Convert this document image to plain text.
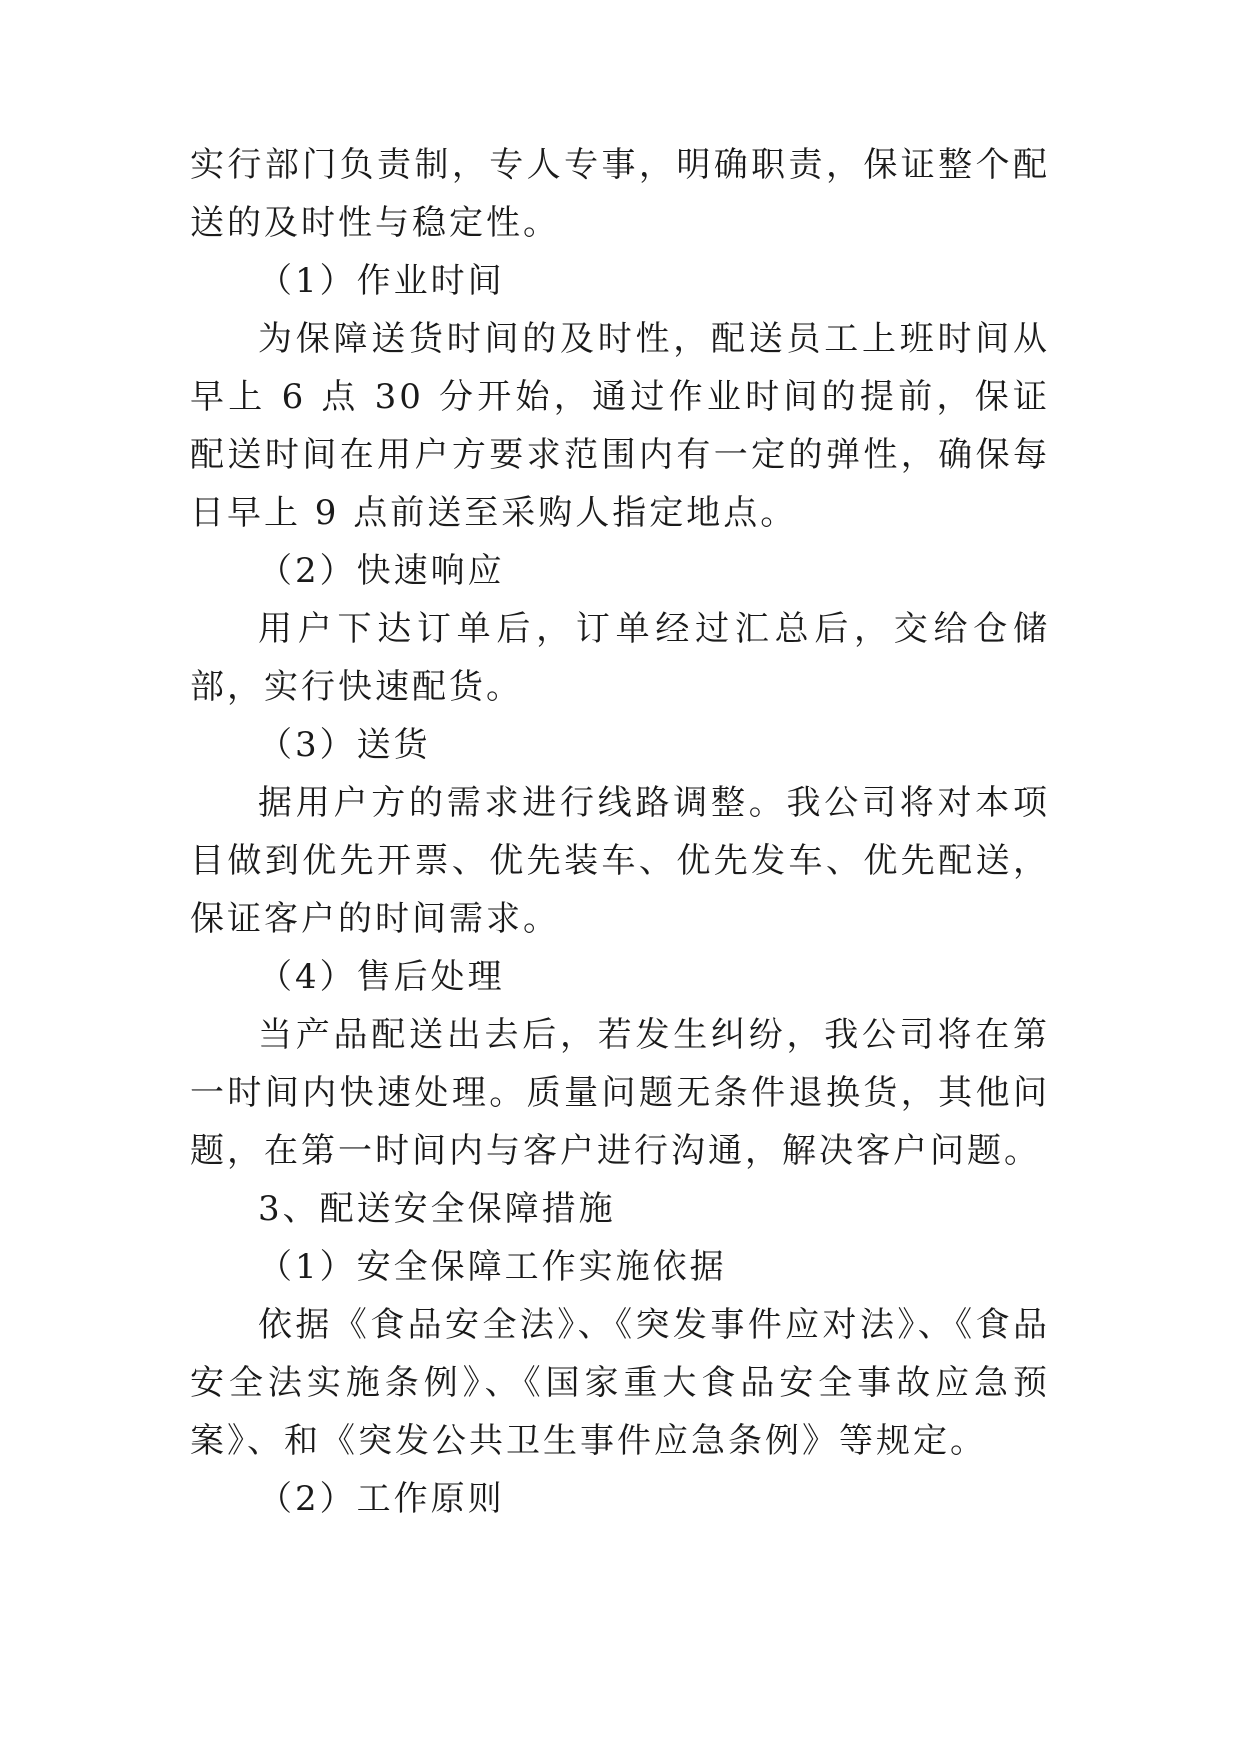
实行部门负责制，专人专事，明确职责，保证整个配送的及时性与稳定性。

（1）作业时间

为保障送货时间的及时性，配送员工上班时间从早上 6 点 30 分开始，通过作业时间的提前，保证配送时间在用户方要求范围内有一定的弹性，确保每日早上 9 点前送至采购人指定地点。

（2）快速响应

用户下达订单后，订单经过汇总后，交给仓储部，实行快速配货。

（3）送货

据用户方的需求进行线路调整。我公司将对本项目做到优先开票、优先装车、优先发车、优先配送，保证客户的时间需求。

（4）售后处理

当产品配送出去后，若发生纠纷，我公司将在第一时间内快速处理。质量问题无条件退换货，其他问题，在第一时间内与客户进行沟通，解决客户问题。

3、配送安全保障措施

（1）安全保障工作实施依据

依据《食品安全法》、《突发事件应对法》、《食品安全法实施条例》、《国家重大食品安全事故应急预案》、和《突发公共卫生事件应急条例》等规定。

（2）工作原则
